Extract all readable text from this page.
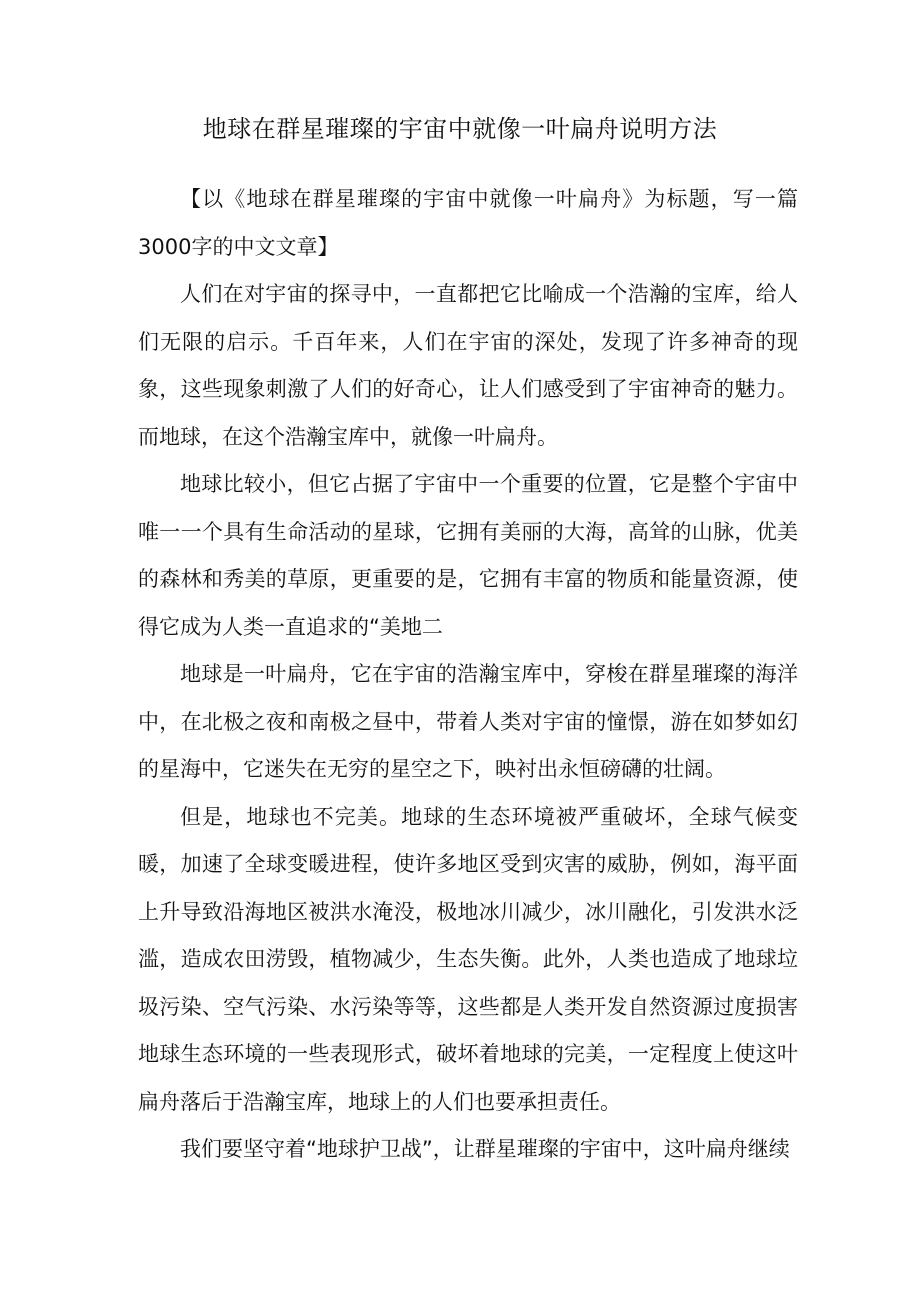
地球在群星璀璨的宇宙中就像一叶扁舟说明方法

【以《地球在群星璀璨的宇宙中就像一叶扁舟》为标题，写一篇3000字的中文文章】

人们在对宇宙的探寻中，一直都把它比喻成一个浩瀚的宝库，给人们无限的启示。千百年来，人们在宇宙的深处，发现了许多神奇的现象，这些现象刺激了人们的好奇心，让人们感受到了宇宙神奇的魅力。而地球，在这个浩瀚宝库中，就像一叶扁舟。

地球比较小，但它占据了宇宙中一个重要的位置，它是整个宇宙中唯一一个具有生命活动的星球，它拥有美丽的大海，高耸的山脉，优美的森林和秀美的草原，更重要的是，它拥有丰富的物质和能量资源，使得它成为人类一直追求的“美地二

地球是一叶扁舟，它在宇宙的浩瀚宝库中，穿梭在群星璀璨的海洋中，在北极之夜和南极之昼中，带着人类对宇宙的憧憬，游在如梦如幻的星海中，它迷失在无穷的星空之下，映衬出永恒磅礴的壮阔。

但是，地球也不完美。地球的生态环境被严重破坏，全球气候变暖，加速了全球变暖进程，使许多地区受到灾害的威胁，例如，海平面上升导致沿海地区被洪水淹没，极地冰川减少，冰川融化，引发洪水泛滥，造成农田涝毁，植物减少，生态失衡。此外，人类也造成了地球垃圾污染、空气污染、水污染等等，这些都是人类开发自然资源过度损害地球生态环境的一些表现形式，破坏着地球的完美，一定程度上使这叶扁舟落后于浩瀚宝库，地球上的人们也要承担责任。

我们要坚守着“地球护卫战”，让群星璀璨的宇宙中，这叶扁舟继续
